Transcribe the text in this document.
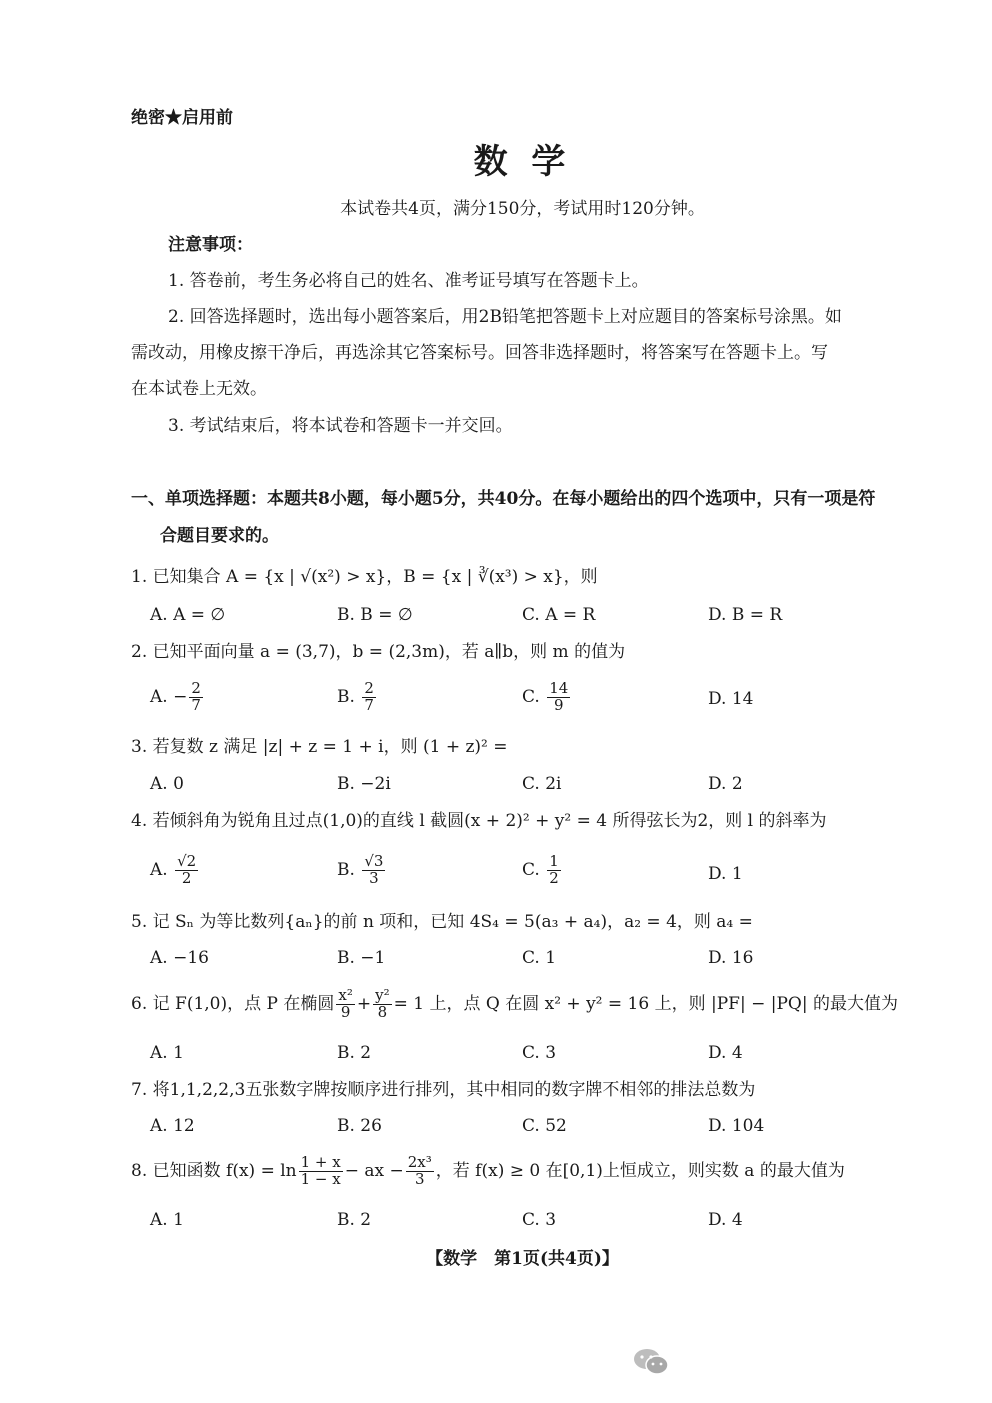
绝密★启用前
数 学
本试卷共4页，满分150分，考试用时120分钟。
注意事项：
1. 答卷前，考生务必将自己的姓名、准考证号填写在答题卡上。
2. 回答选择题时，选出每小题答案后，用2B铅笔把答题卡上对应题目的答案标号涂黑。如
需改动，用橡皮擦干净后，再选涂其它答案标号。回答非选择题时，将答案写在答题卡上。写
在本试卷上无效。
3. 考试结束后，将本试卷和答题卡一并交回。
一、单项选择题：本题共8小题，每小题5分，共40分。在每小题给出的四个选项中，只有一项是符
合题目要求的。
1. 已知集合 A = {x | √(x²) > x}，B = {x | ∛(x³) > x}，则
A. A = ∅	B. B = ∅	C. A = R	D. B = R
2. 已知平面向量 a = (3,7)，b = (2,3m)，若 a∥b，则 m 的值为
A. − $\frac{2}{7}$	B. $\frac{2}{7}$	C. $\frac{14}{9}$	D. 14
3. 若复数 z 满足 |z| + z = 1 + i，则 (1 + z)² =
A. 0	B. −2i	C. 2i	D. 2
4. 若倾斜角为锐角且过点(1,0)的直线 l 截圆(x + 2)² + y² = 4 所得弦长为2，则 l 的斜率为
A. $\frac{√2}{2}$	B. $\frac{√3}{3}$	C. $\frac{1}{2}$	D. 1
5. 记 Sₙ 为等比数列{aₙ}的前 n 项和，已知 4S₄ = 5(a₃ + a₄)，a₂ = 4，则 a₄ =
A. −16	B. −1	C. 1	D. 16
6. 记 F(1,0)，点 P 在椭圆 $\frac{\text{x²}}{9} + \frac{\text{y²}}{8} = 1$ 上，点 Q 在圆 x² + y² = 16 上，则 |PF| − |PQ| 的最大值为
A. 1	B. 2	C. 3	D. 4
7. 将1,1,2,2,3五张数字牌按顺序进行排列，其中相同的数字牌不相邻的排法总数为
A. 12	B. 26	C. 52	D. 104
8. 已知函数 $f(x) = \ln \frac{1 + x}{1 - x}$ − ax − $\frac{\text{2x³}}{3}$ ，若 f(x) ≥ 0 在[0,1)上恒成立，则实数 a 的最大值为
A. 1	B. 2	C. 3	D. 4
【数学　第1页(共4页)】
